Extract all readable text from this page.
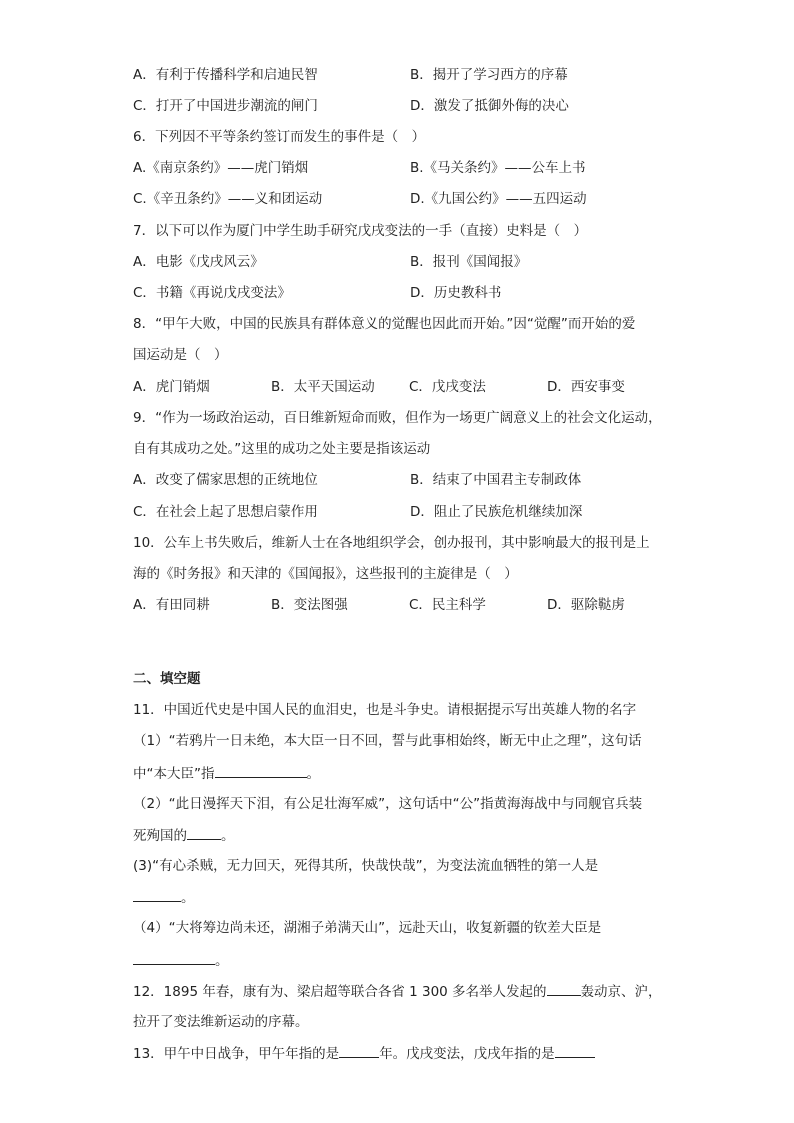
A．有利于传播科学和启迪民智	B．揭开了学习西方的序幕
C．打开了中国进步潮流的闸门	D．激发了抵御外侮的决心
6．下列因不平等条约签订而发生的事件是（　）
A.《南京条约》——虎门销烟	B.《马关条约》——公车上书
C.《辛丑条约》——义和团运动	D.《九国公约》——五四运动
7．以下可以作为厦门中学生助手研究戊戌变法的一手（直接）史料是（　）
A．电影《戊戌风云》	B．报刊《国闻报》
C．书籍《再说戊戌变法》	D．历史教科书
8．“甲午大败，中国的民族具有群体意义的觉醒也因此而开始。”因“觉醒”而开始的爱
国运动是（　）
A．虎门销烟	B．太平天国运动	C．戊戌变法	D．西安事变
9．“作为一场政治运动，百日维新短命而败，但作为一场更广阔意义上的社会文化运动，
自有其成功之处。”这里的成功之处主要是指该运动
A．改变了儒家思想的正统地位	B．结束了中国君主专制政体
C．在社会上起了思想启蒙作用	D．阻止了民族危机继续加深
10．公车上书失败后，维新人士在各地组织学会，创办报刊，其中影响最大的报刊是上
海的《时务报》和天津的《国闻报》，这些报刊的主旋律是（　）
A．有田同耕	B．变法图强	C．民主科学	D．驱除鞑虏
二、填空题
11．中国近代史是中国人民的血泪史，也是斗争史。请根据提示写出英雄人物的名字
（1）“若鸦片一日未绝，本大臣一日不回，誓与此事相始终，断无中止之理”，这句话
中“本大臣”指	。
（2）“此日漫挥天下泪，有公足壮海军威”，这句话中“公”指黄海海战中与同舰官兵装
死殉国的	。
(3)“有心杀贼，无力回天，死得其所，快哉快哉”，为变法流血牺牲的第一人是
。
（4）“大将筹边尚未还，湖湘子弟满天山”，远赴天山，收复新疆的钦差大臣是
。
12．1895 年春，康有为、梁启超等联合各省 1 300 多名举人发起的	轰动京、沪，
拉开了变法维新运动的序幕。
13．甲午中日战争，甲午年指的是	年。戊戌变法，戊戌年指的是
